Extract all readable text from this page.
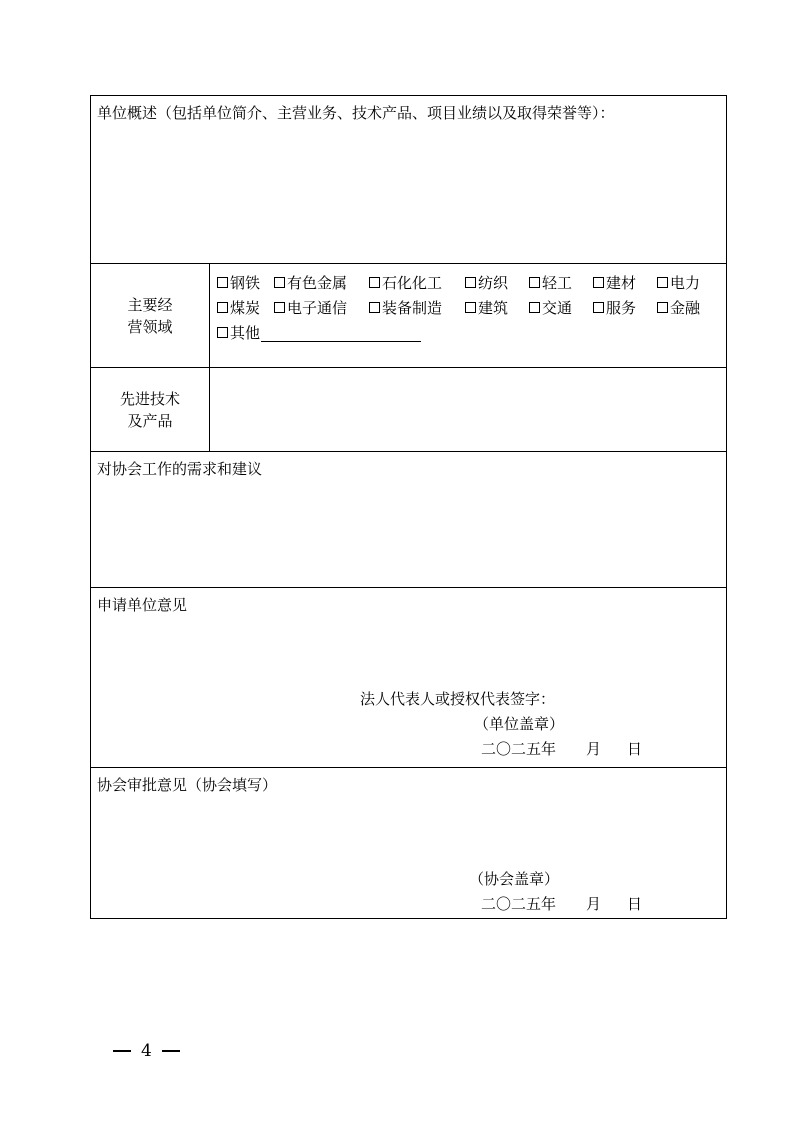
单位概述（包括单位简介、主营业务、技术产品、项目业绩以及取得荣誉等）：
主要经
营领域
钢铁 有色金属 石化化工 纺织 轻工 建材 电力
煤炭 电子通信 装备制造 建筑 交通 服务 金融
其他
先进技术
及产品
对协会工作的需求和建议
申请单位意见
法人代表人或授权代表签字：
（单位盖章）
二〇二五年 月 日
协会审批意见（协会填写）
（协会盖章）
二〇二五年 月 日
4
